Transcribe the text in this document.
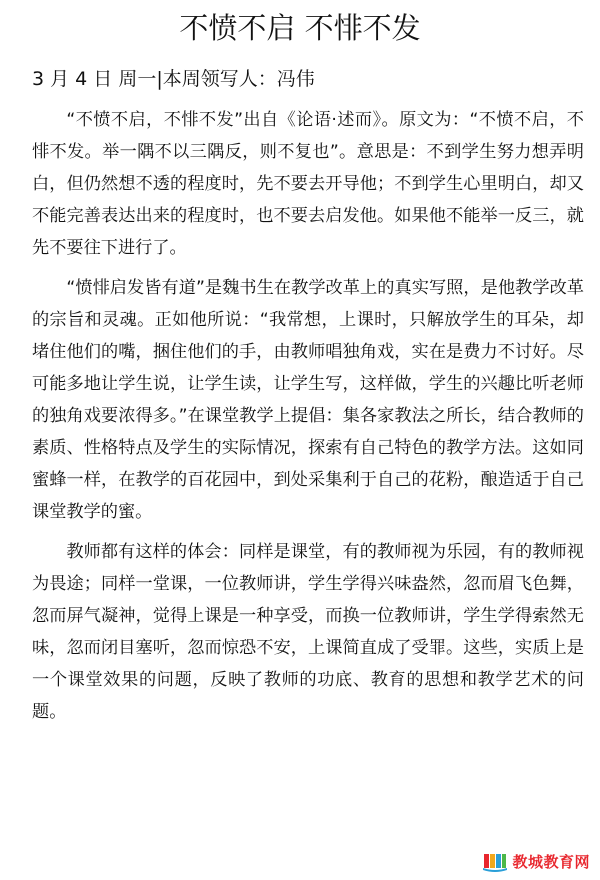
不愤不启 不悱不发
3 月 4 日 周一|本周领写人：冯伟

“不愤不启，不悱不发”出自《论语·述而》。原文为：“不愤不启，不悱不发。举一隅不以三隅反，则不复也”。意思是：不到学生努力想弄明白，但仍然想不透的程度时，先不要去开导他；不到学生心里明白，却又不能完善表达出来的程度时，也不要去启发他。如果他不能举一反三，就先不要往下进行了。

“愤悱启发皆有道”是魏书生在教学改革上的真实写照，是他教学改革的宗旨和灵魂。正如他所说：“我常想，上课时，只解放学生的耳朵，却堵住他们的嘴，捆住他们的手，由教师唱独角戏，实在是费力不讨好。尽可能多地让学生说，让学生读，让学生写，这样做，学生的兴趣比听老师的独角戏要浓得多。”在课堂教学上提倡：集各家教法之所长，结合教师的素质、性格特点及学生的实际情况，探索有自己特色的教学方法。这如同蜜蜂一样，在教学的百花园中，到处采集利于自己的花粉，酿造适于自己课堂教学的蜜。

教师都有这样的体会：同样是课堂，有的教师视为乐园，有的教师视为畏途；同样一堂课，一位教师讲，学生学得兴味盎然，忽而眉飞色舞，忽而屏气凝神，觉得上课是一种享受，而换一位教师讲，学生学得索然无味，忽而闭目塞听，忽而惊恐不安，上课简直成了受罪。这些，实质上是一个课堂效果的问题，反映了教师的功底、教育的思想和教学艺术的问题。

教城教育网
